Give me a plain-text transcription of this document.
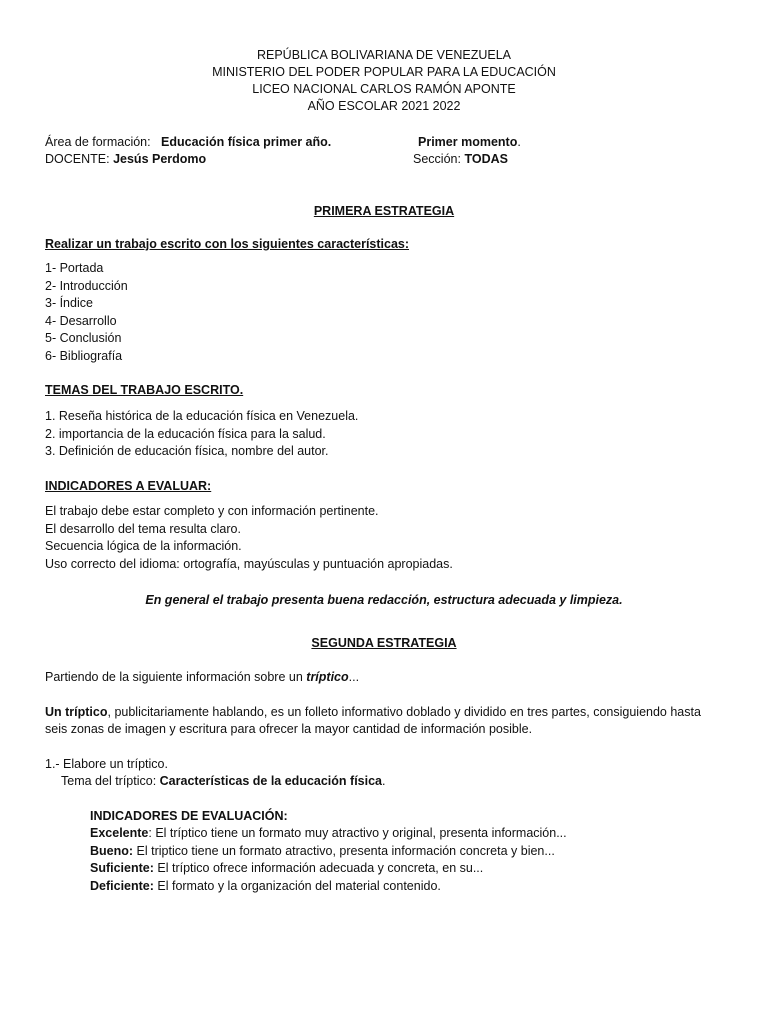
REPÚBLICA BOLIVARIANA DE VENEZUELA
MINISTERIO DEL PODER POPULAR PARA LA EDUCACIÓN
LICEO NACIONAL CARLOS RAMÓN APONTE
AÑO ESCOLAR 2021 2022
Área de formación: Educación física primer año.
DOCENTE: Jesús Perdomo
Primer momento.
Sección: TODAS
PRIMERA ESTRATEGIA
Realizar un trabajo escrito con los siguientes características:
1- Portada
2- Introducción
3- Índice
4- Desarrollo
5- Conclusión
6- Bibliografía
TEMAS DEL TRABAJO ESCRITO.
1. Reseña histórica de la educación física en Venezuela.
2. importancia de la educación física para la salud.
3. Definición de educación física, nombre del autor.
INDICADORES A EVALUAR:
El trabajo debe estar completo y con información pertinente.
El desarrollo del tema resulta claro.
Secuencia lógica de la información.
Uso correcto del idioma: ortografía, mayúsculas y puntuación apropiadas.
En general el trabajo presenta buena redacción, estructura adecuada y limpieza.
SEGUNDA ESTRATEGIA
Partiendo de la siguiente información sobre un tríptico...
Un tríptico, publicitariamente hablando, es un folleto informativo doblado y dividido en tres partes, consiguiendo hasta
seis zonas de imagen y escritura para ofrecer la mayor cantidad de información posible.
1.- Elabore un tríptico.
Tema del tríptico: Características de la educación física.
INDICADORES DE EVALUACIÓN:
Excelente: El tríptico tiene un formato muy atractivo y original, presenta información...
Bueno: El triptico tiene un formato atractivo, presenta información concreta y bien...
Suficiente: El tríptico ofrece información adecuada y concreta, en su...
Deficiente: El formato y la organización del material contenido.
